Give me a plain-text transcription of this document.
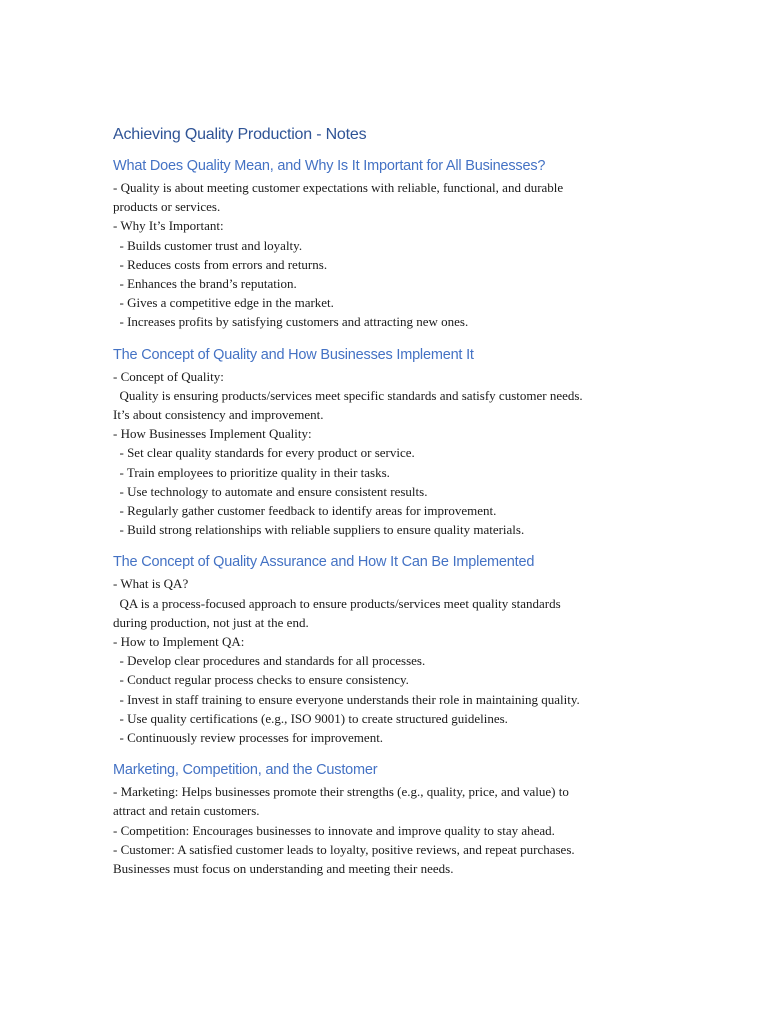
Achieving Quality Production - Notes
What Does Quality Mean, and Why Is It Important for All Businesses?

- Quality is about meeting customer expectations with reliable, functional, and durable

products or services.

- Why It’s Important:

- Builds customer trust and loyalty.

- Reduces costs from errors and returns.

- Enhances the brand’s reputation.

- Gives a competitive edge in the market.

- Increases profits by satisfying customers and attracting new ones.

The Concept of Quality and How Businesses Implement It

- Concept of Quality:

Quality is ensuring products/services meet specific standards and satisfy customer needs.

It’s about consistency and improvement.

- How Businesses Implement Quality:

- Set clear quality standards for every product or service.

- Train employees to prioritize quality in their tasks.

- Use technology to automate and ensure consistent results.

- Regularly gather customer feedback to identify areas for improvement.

- Build strong relationships with reliable suppliers to ensure quality materials.

The Concept of Quality Assurance and How It Can Be Implemented

- What is QA?

QA is a process-focused approach to ensure products/services meet quality standards

during production, not just at the end.

- How to Implement QA:

- Develop clear procedures and standards for all processes.

- Conduct regular process checks to ensure consistency.

- Invest in staff training to ensure everyone understands their role in maintaining quality.

- Use quality certifications (e.g., ISO 9001) to create structured guidelines.

- Continuously review processes for improvement.

Marketing, Competition, and the Customer

- Marketing: Helps businesses promote their strengths (e.g., quality, price, and value) to

attract and retain customers.

- Competition: Encourages businesses to innovate and improve quality to stay ahead.

- Customer: A satisfied customer leads to loyalty, positive reviews, and repeat purchases.

Businesses must focus on understanding and meeting their needs.
